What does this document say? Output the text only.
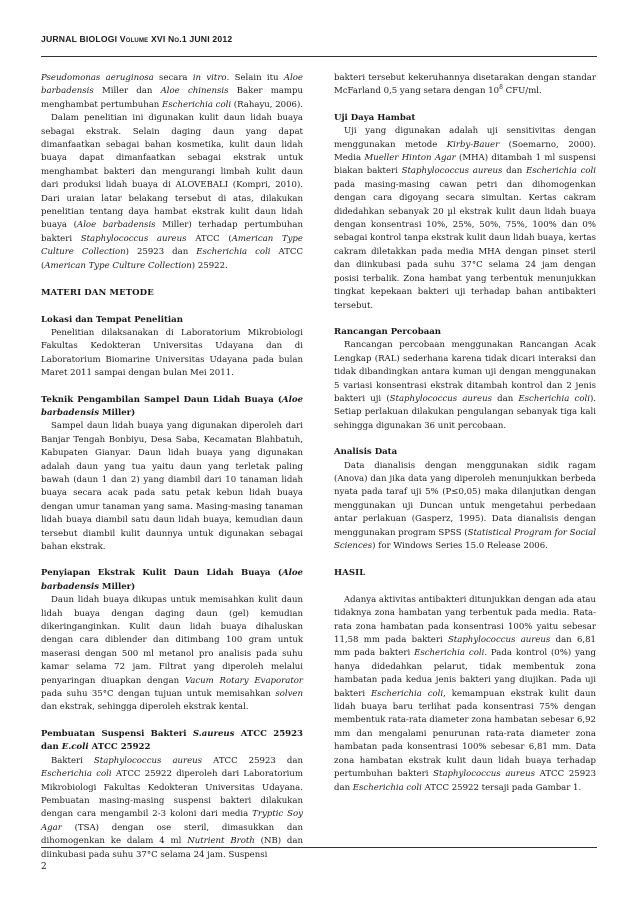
JURNAL BIOLOGI Volume XVI No.1 JUNI 2012

Pseudomonas aeruginosa secara in vitro. Selain itu Aloe barbadensis Miller dan Aloe chinensis Baker mampu menghambat pertumbuhan Escherichia coli (Rahayu, 2006).

Dalam penelitian ini digunakan kulit daun lidah buaya sebagai ekstrak. Selain daging daun yang dapat dimanfaatkan sebagai bahan kosmetika, kulit daun lidah buaya dapat dimanfaatkan sebagai ekstrak untuk menghambat bakteri dan mengurangi limbah kulit daun dari produksi lidah buaya di ALOVEBALI (Kompri, 2010). Dari uraian latar belakang tersebut di atas, dilakukan penelitian tentang daya hambat ekstrak kulit daun lidah buaya (Aloe barbadensis Miller) terhadap pertumbuhan bakteri Staphylococcus aureus ATCC (American Type Culture Collection) 25923 dan Escherichia coli ATCC (American Type Culture Collection) 25922.

MATERI DAN METODE
Lokasi dan Tempat Penelitian

Penelitian dilaksanakan di Laboratorium Mikrobiologi Fakultas Kedokteran Universitas Udayana dan di Laboratorium Biomarine Universitas Udayana pada bulan Maret 2011 sampai dengan bulan Mei 2011.

Teknik Pengambilan Sampel Daun Lidah Buaya (Aloe barbadensis Miller)

Sampel daun lidah buaya yang digunakan diperoleh dari Banjar Tengah Bonbiyu, Desa Saba, Kecamatan Blahbatuh, Kabupaten Gianyar. Daun lidah buaya yang digunakan adalah daun yang tua yaitu daun yang terletak paling bawah (daun 1 dan 2) yang diambil dari 10 tanaman lidah buaya secara acak pada satu petak kebun lidah buaya dengan umur tanaman yang sama. Masing-masing tanaman lidah buaya diambil satu daun lidah buaya, kemudian daun tersebut diambil kulit daunnya untuk digunakan sebagai bahan ekstrak.

Penyiapan Ekstrak Kulit Daun Lidah Buaya (Aloe barbadensis Miller)

Daun lidah buaya dikupas untuk memisahkan kulit daun lidah buaya dengan daging daun (gel) kemudian dikeringanginkan. Kulit daun lidah buaya dihaluskan dengan cara diblender dan ditimbang 100 gram untuk maserasi dengan 500 ml metanol pro analisis pada suhu kamar selama 72 jam. Filtrat yang diperoleh melalui penyaringan diuapkan dengan Vacum Rotary Evaporator pada suhu 35°C dengan tujuan untuk memisahkan solven dan ekstrak, sehingga diperoleh ekstrak kental.

Pembuatan Suspensi Bakteri S.aureus ATCC 25923 dan E.coli ATCC 25922

Bakteri Staphylococcus aureus ATCC 25923 dan Escherichia coli ATCC 25922 diperoleh dari Laboratorium Mikrobiologi Fakultas Kedokteran Universitas Udayana. Pembuatan masing-masing suspensi bakteri dilakukan dengan cara mengambil 2-3 koloni dari media Tryptic Soy Agar (TSA) dengan ose steril, dimasukkan dan dihomogenkan ke dalam 4 ml Nutrient Broth (NB) dan diinkubasi pada suhu 37°C selama 24 jam. Suspensi

bakteri tersebut kekeruhannya disetarakan dengan standar McFarland 0,5 yang setara dengan $10^8$ CFU/ml.

Uji Daya Hambat

Uji yang digunakan adalah uji sensitivitas dengan menggunakan metode Kirby-Bauer (Soemarno, 2000). Media Mueller Hinton Agar (MHA) ditambah 1 ml suspensi biakan bakteri Staphylococcus aureus dan Escherichia coli pada masing-masing cawan petri dan dihomogenkan dengan cara digoyang secara simultan. Kertas cakram didedahkan sebanyak 20 µl ekstrak kulit daun lidah buaya dengan konsentrasi 10%, 25%, 50%, 75%, 100% dan 0% sebagai kontrol tanpa ekstrak kulit daun lidah buaya, kertas cakram diletakkan pada media MHA dengan pinset steril dan diinkubasi pada suhu 37°C selama 24 jam dengan posisi terbalik. Zona hambat yang terbentuk menunjukkan tingkat kepekaan bakteri uji terhadap bahan antibakteri tersebut.

Rancangan Percobaan

Rancangan percobaan menggunakan Rancangan Acak Lengkap (RAL) sederhana karena tidak dicari interaksi dan tidak dibandingkan antara kuman uji dengan menggunakan 5 variasi konsentrasi ekstrak ditambah kontrol dan 2 jenis bakteri uji (Staphylococcus aureus dan Escherichia coli). Setiap perlakuan dilakukan pengulangan sebanyak tiga kali sehingga digunakan 36 unit percobaan.

Analisis Data

Data dianalisis dengan menggunakan sidik ragam (Anova) dan jika data yang diperoleh menunjukkan berbeda nyata pada taraf uji 5% (P≤0,05) maka dilanjutkan dengan menggunakan uji Duncan untuk mengetahui perbedaan antar perlakuan (Gasperz, 1995). Data dianalisis dengan menggunakan program SPSS (Statistical Program for Social Sciences) for Windows Series 15.0 Release 2006.

HASIL

Adanya aktivitas antibakteri ditunjukkan dengan ada atau tidaknya zona hambatan yang terbentuk pada media. Rata-rata zona hambatan pada konsentrasi 100% yaitu sebesar 11,58 mm pada bakteri Staphylococcus aureus dan 6,81 mm pada bakteri Escherichia coli. Pada kontrol (0%) yang hanya didedahkan pelarut, tidak membentuk zona hambatan pada kedua jenis bakteri yang diujikan. Pada uji bakteri Escherichia coli, kemampuan ekstrak kulit daun lidah buaya baru terlihat pada konsentrasi 75% dengan membentuk rata-rata diameter zona hambatan sebesar 6,92 mm dan mengalami penurunan rata-rata diameter zona hambatan pada konsentrasi 100% sebesar 6,81 mm. Data zona hambatan ekstrak kulit daun lidah buaya terhadap pertumbuhan bakteri Staphylococcus aureus ATCC 25923 dan Escherichia coli ATCC 25922 tersaji pada Gambar 1.

2
